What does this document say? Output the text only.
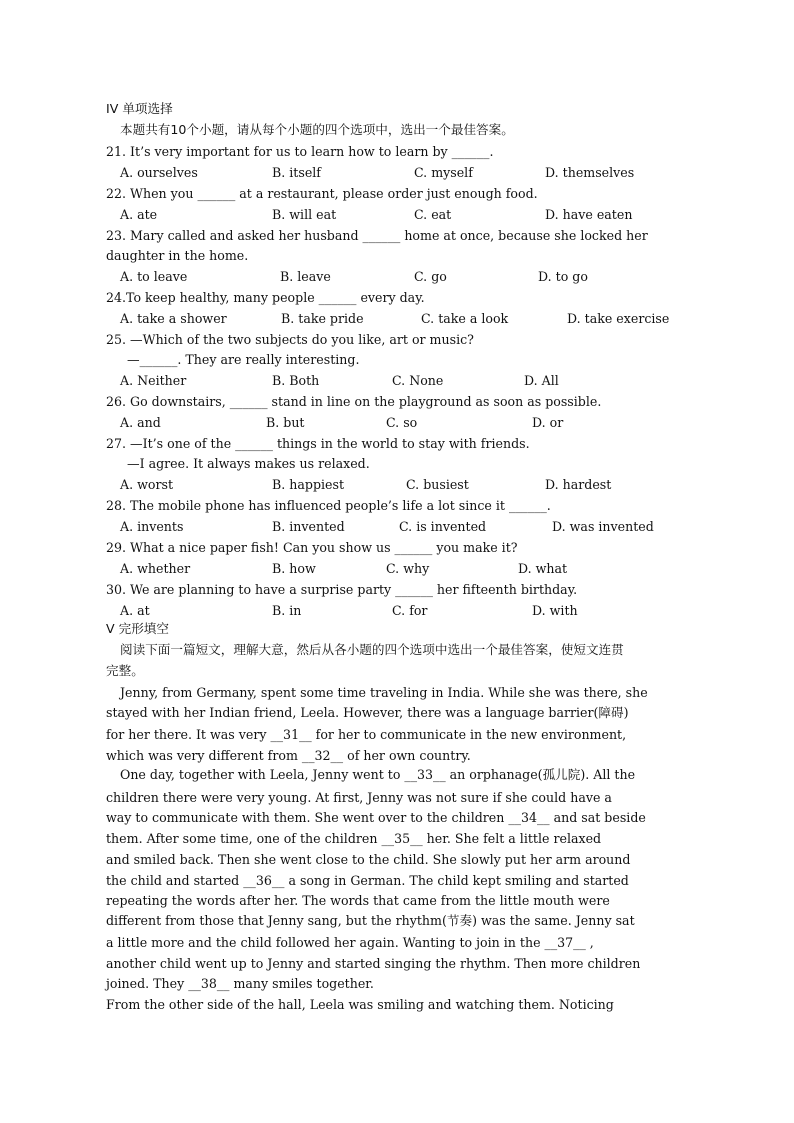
IV 单项选择
本题共有10个小题，请从每个小题的四个选项中，选出一个最佳答案。
21. It’s very important for us to learn how to learn by ______.
A. ourselves	B. itself	C. myself	D. themselves
22. When you ______ at a restaurant, please order just enough food.
A. ate	B. will eat	C. eat	D. have eaten
23. Mary called and asked her husband ______ home at once, because she locked her
daughter in the home.
A. to leave	B. leave	C. go	D. to go
24.To keep healthy, many people ______ every day.
A. take a shower	B. take pride	C. take a look	D. take exercise
25. —Which of the two subjects do you like, art or music?
—______. They are really interesting.
A. Neither	B. Both	C. None	D. All
26. Go downstairs, ______ stand in line on the playground as soon as possible.
A. and	B. but	C. so	D. or
27. —It’s one of the ______ things in the world to stay with friends.
—I agree. It always makes us relaxed.
A. worst	B. happiest	C. busiest	D. hardest
28. The mobile phone has influenced people’s life a lot since it ______.
A. invents	B. invented	C. is invented	D. was invented
29. What a nice paper fish! Can you show us ______ you make it?
A. whether	B. how	C. why	D. what
30. We are planning to have a surprise party ______ her fifteenth birthday.
A. at	B. in	C. for	D. with
V 完形填空
阅读下面一篇短文，理解大意，然后从各小题的四个选项中选出一个最佳答案，使短文连贯
完整。
Jenny, from Germany, spent some time traveling in India. While she was there, she
stayed with her Indian friend, Leela. However, there was a language barrier(障碍)
for her there. It was very __31__ for her to communicate in the new environment,
which was very different from __32__ of her own country.
One day, together with Leela, Jenny went to __33__ an orphanage(孤儿院). All the
children there were very young. At first, Jenny was not sure if she could have a
way to communicate with them. She went over to the children __34__ and sat beside
them. After some time, one of the children __35__ her. She felt a little relaxed
and smiled back. Then she went close to the child. She slowly put her arm around
the child and started __36__ a song in German. The child kept smiling and started
repeating the words after her. The words that came from the little mouth were
different from those that Jenny sang, but the rhythm(节奏) was the same. Jenny sat
a little more and the child followed her again. Wanting to join in the __37__ ,
another child went up to Jenny and started singing the rhythm. Then more children
joined. They __38__ many smiles together.
From the other side of the hall, Leela was smiling and watching them. Noticing
